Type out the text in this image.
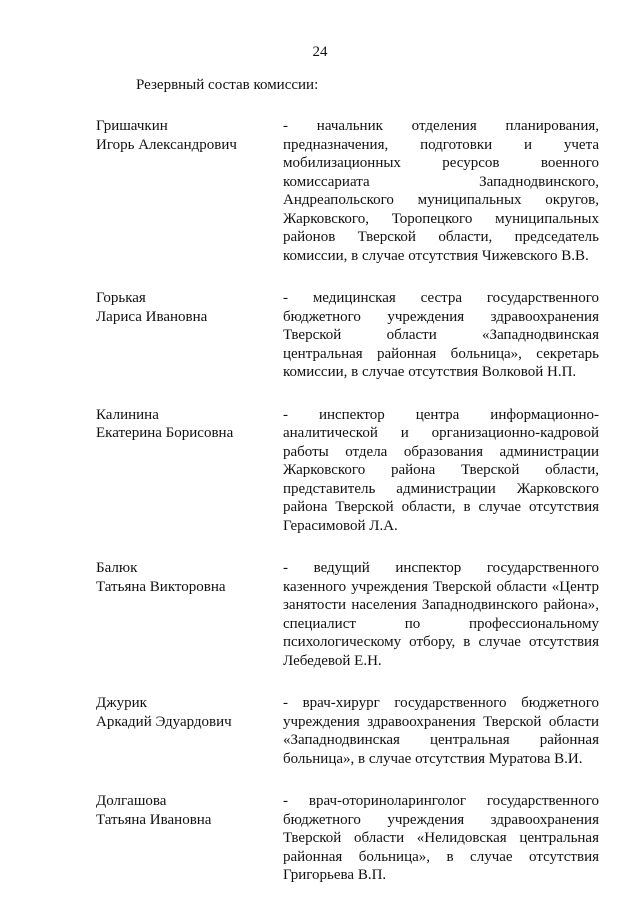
24
Резервный состав комиссии:
Гришачкин
Игорь Александрович
- начальник отделения планирования, предназначения, подготовки и учета мобилизационных ресурсов военного комиссариата Западнодвинского, Андреапольского муниципальных округов, Жарковского, Торопецкого муниципальных районов Тверской области, председатель комиссии, в случае отсутствия Чижевского В.В.
Горькая
Лариса Ивановна
- медицинская сестра государственного бюджетного учреждения здравоохранения Тверской области «Западнодвинская центральная районная больница», секретарь комиссии, в случае отсутствия Волковой Н.П.
Калинина
Екатерина Борисовна
- инспектор центра информационно-аналитической и организационно-кадровой работы отдела образования администрации Жарковского района Тверской области, представитель администрации Жарковского района Тверской области, в случае отсутствия Герасимовой Л.А.
Балюк
Татьяна Викторовна
- ведущий инспектор государственного казенного учреждения Тверской области «Центр занятости населения Западнодвинского района», специалист по профессиональному психологическому отбору, в случае отсутствия Лебедевой Е.Н.
Джурик
Аркадий Эдуардович
- врач-хирург государственного бюджетного учреждения здравоохранения Тверской области «Западнодвинская центральная районная больница», в случае отсутствия Муратова В.И.
Долгашова
Татьяна Ивановна
- врач-оториноларинголог государственного бюджетного учреждения здравоохранения Тверской области «Нелидовская центральная районная больница», в случае отсутствия Григорьева В.П.
